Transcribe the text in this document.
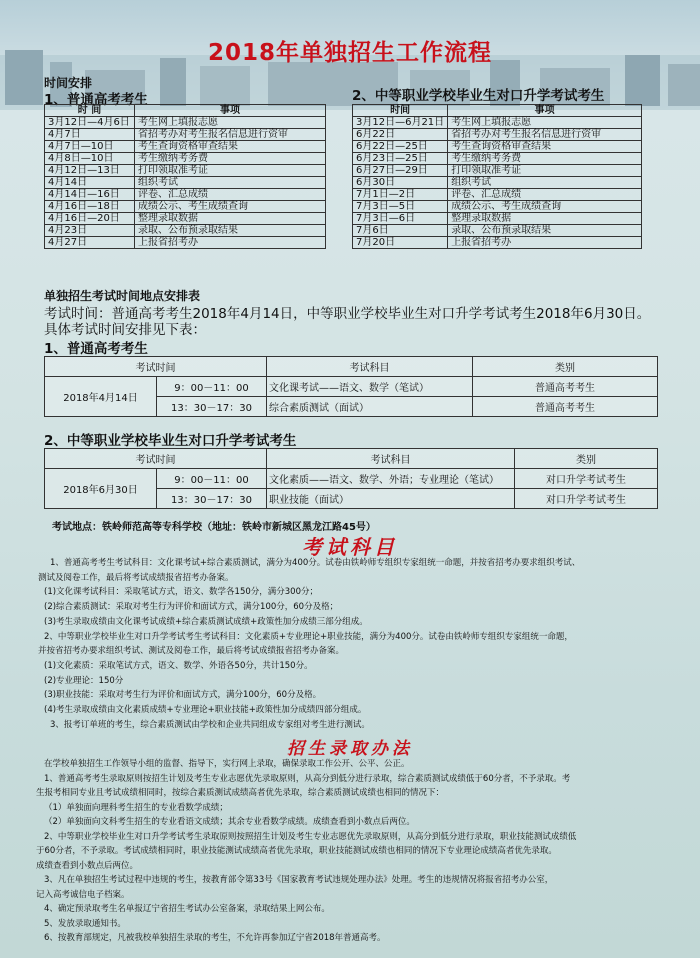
2018年单独招生工作流程
时间安排
1、普通高考考生	2、中等职业学校毕业生对口升学考试考生
时 间	事项
3月12日—4月6日	考生网上填报志愿
4月7日	省招考办对考生报名信息进行资审
4月7日—10日	考生查询资格审查结果
4月8日—10日	考生缴纳考务费
4月12日—13日	打印领取准考证
4月14日	组织考试
4月14日—16日	评卷、汇总成绩
4月16日—18日	成绩公示、考生成绩查询
4月16日—20日	整理录取数据
4月23日	录取、公布预录取结果
4月27日	上报省招考办
时间	事项
3月12日—6月21日	考生网上填报志愿
6月22日	省招考办对考生报名信息进行资审
6月22日—25日	考生查询资格审查结果
6月23日—25日	考生缴纳考务费
6月27日—29日	打印领取准考证
6月30日	组织考试
7月1日—2日	评卷、汇总成绩
7月3日—5日	成绩公示、考生成绩查询
7月3日—6日	整理录取数据
7月6日	录取、公布预录取结果
7月20日	上报省招考办
单独招生考试时间地点安排表
考试时间：普通高考考生2018年4月14日，中等职业学校毕业生对口升学考试考生2018年6月30日。
具体考试时间安排见下表：
1、普通高考考生
考试时间		考试科目	类别
2018年4月14日	9：00－11：00	文化课考试——语文、数学（笔试）	普通高考考生
	13：30－17：30	综合素质测试（面试）	普通高考考生
2、中等职业学校毕业生对口升学考试考生
考试时间		考试科目	类别
2018年6月30日	9：00－11：00	文化素质——语文、数学、外语；专业理论（笔试）	对口升学考试考生
	13：30－17：30	职业技能（面试）	对口升学考试考生
考试地点：铁岭师范高等专科学校（地址：铁岭市新城区黑龙江路45号）
考试科目
1、普通高考考生考试科目：文化课考试+综合素质测试，满分为400分。试卷由铁岭师专组织专家组统一命题，并按省招考办要求组织考试、
测试及阅卷工作，最后将考试成绩报省招考办备案。
(1)文化课考试科目：采取笔试方式，语文、数学各150分，满分300分；
(2)综合素质测试：采取对考生行为评价和面试方式，满分100分，60分及格；
(3)考生录取成绩由文化课考试成绩+综合素质测试成绩+政策性加分成绩三部分组成。
2、中等职业学校毕业生对口升学考试考生考试科目：文化素质+专业理论+职业技能，满分为400分。试卷由铁岭师专组织专家组统一命题，
并按省招考办要求组织考试、测试及阅卷工作，最后将考试成绩报省招考办备案。
(1)文化素质：采取笔试方式，语文、数学、外语各50分，共计150分。
(2)专业理论：150分
(3)职业技能：采取对考生行为评价和面试方式，满分100分，60分及格。
(4)考生录取成绩由文化素质成绩+专业理论+职业技能+政策性加分成绩四部分组成。
3、报考订单班的考生，综合素质测试由学校和企业共同组成专家组对考生进行测试。
招生录取办法
在学校单独招生工作领导小组的监督、指导下，实行网上录取，确保录取工作公开、公平、公正。
1、普通高考考生录取原则按招生计划及考生专业志愿优先录取原则，从高分到低分进行录取，综合素质测试成绩低于60分者，不予录取。考
生报考相同专业且考试成绩相同时，按综合素质测试成绩高者优先录取，综合素质测试成绩也相同的情况下：
（1）单独面向理科考生招生的专业看数学成绩；
（2）单独面向文科考生招生的专业看语文成绩；其余专业看数学成绩。成绩查看到小数点后两位。
2、中等职业学校毕业生对口升学考试考生录取原则按照招生计划及考生专业志愿优先录取原则，从高分到低分进行录取，职业技能测试成绩低
于60分者，不予录取。考试成绩相同时，职业技能测试成绩高者优先录取，职业技能测试成绩也相同的情况下专业理论成绩高者优先录取。
成绩查看到小数点后两位。
3、凡在单独招生考试过程中违规的考生，按教育部令第33号《国家教育考试违规处理办法》处理。考生的违规情况将报省招考办公室，
记入高考诚信电子档案。
4、确定预录取考生名单报辽宁省招生考试办公室备案，录取结果上网公布。
5、发放录取通知书。
6、按教育部规定，凡被我校单独招生录取的考生，不允许再参加辽宁省2018年普通高考。
